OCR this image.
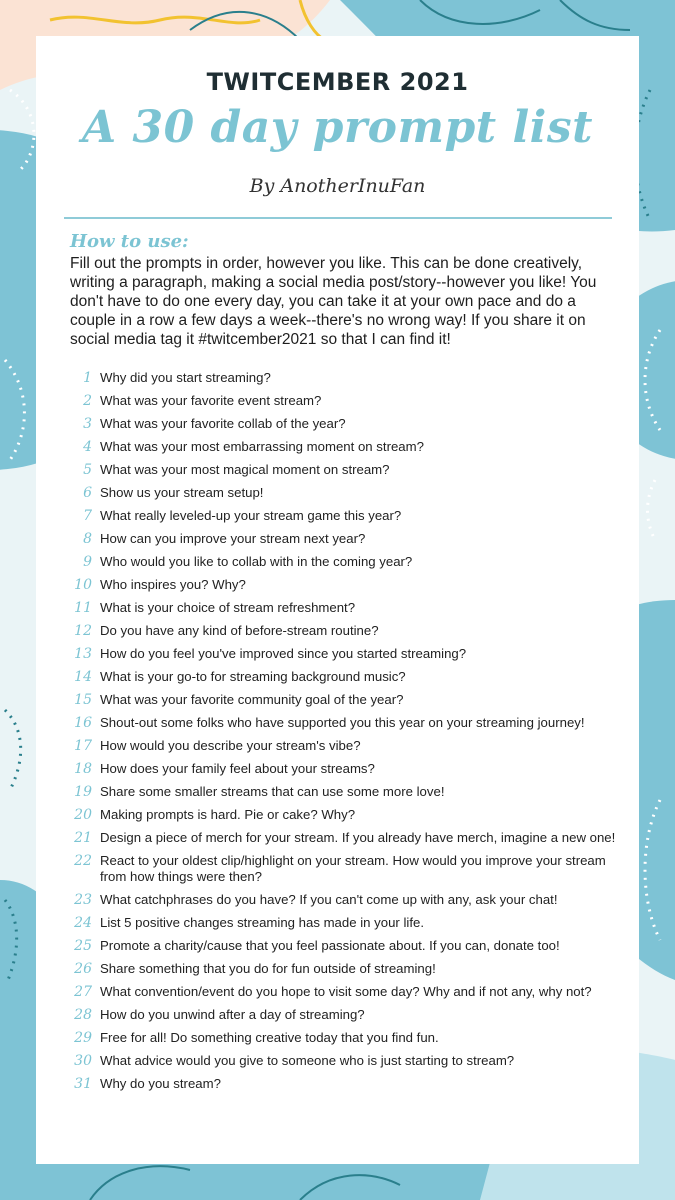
TWITCEMBER 2021
A 30 day prompt list
By AnotherInuFan
How to use:
Fill out the prompts in order, however you like. This can be done creatively, writing a paragraph, making a social media post/story--however you like! You don't have to do one every day, you can take it at your own pace and do a couple in a row a few days a week--there's no wrong way! If you share it on social media tag it #twitcember2021 so that I can find it!
1 Why did you start streaming?
2 What was your favorite event stream?
3 What was your favorite collab of the year?
4 What was your most embarrassing moment on stream?
5 What was your most magical moment on stream?
6 Show us your stream setup!
7 What really leveled-up your stream game this year?
8 How can you improve your stream next year?
9 Who would you like to collab with in the coming year?
10 Who inspires you? Why?
11 What is your choice of stream refreshment?
12 Do you have any kind of before-stream routine?
13 How do you feel you've improved since you started streaming?
14 What is your go-to for streaming background music?
15 What was your favorite community goal of the year?
16 Shout-out some folks who have supported you this year on your streaming journey!
17 How would you describe your stream's vibe?
18 How does your family feel about your streams?
19 Share some smaller streams that can use some more love!
20 Making prompts is hard. Pie or cake? Why?
21 Design a piece of merch for your stream. If you already have merch, imagine a new one!
22 React to your oldest clip/highlight on your stream. How would you improve your stream from how things were then?
23 What catchphrases do you have? If you can't come up with any, ask your chat!
24 List 5 positive changes streaming has made in your life.
25 Promote a charity/cause that you feel passionate about. If you can, donate too!
26 Share something that you do for fun outside of streaming!
27 What convention/event do you hope to visit some day? Why and if not any, why not?
28 How do you unwind after a day of streaming?
29 Free for all! Do something creative today that you find fun.
30 What advice would you give to someone who is just starting to stream?
31 Why do you stream?
